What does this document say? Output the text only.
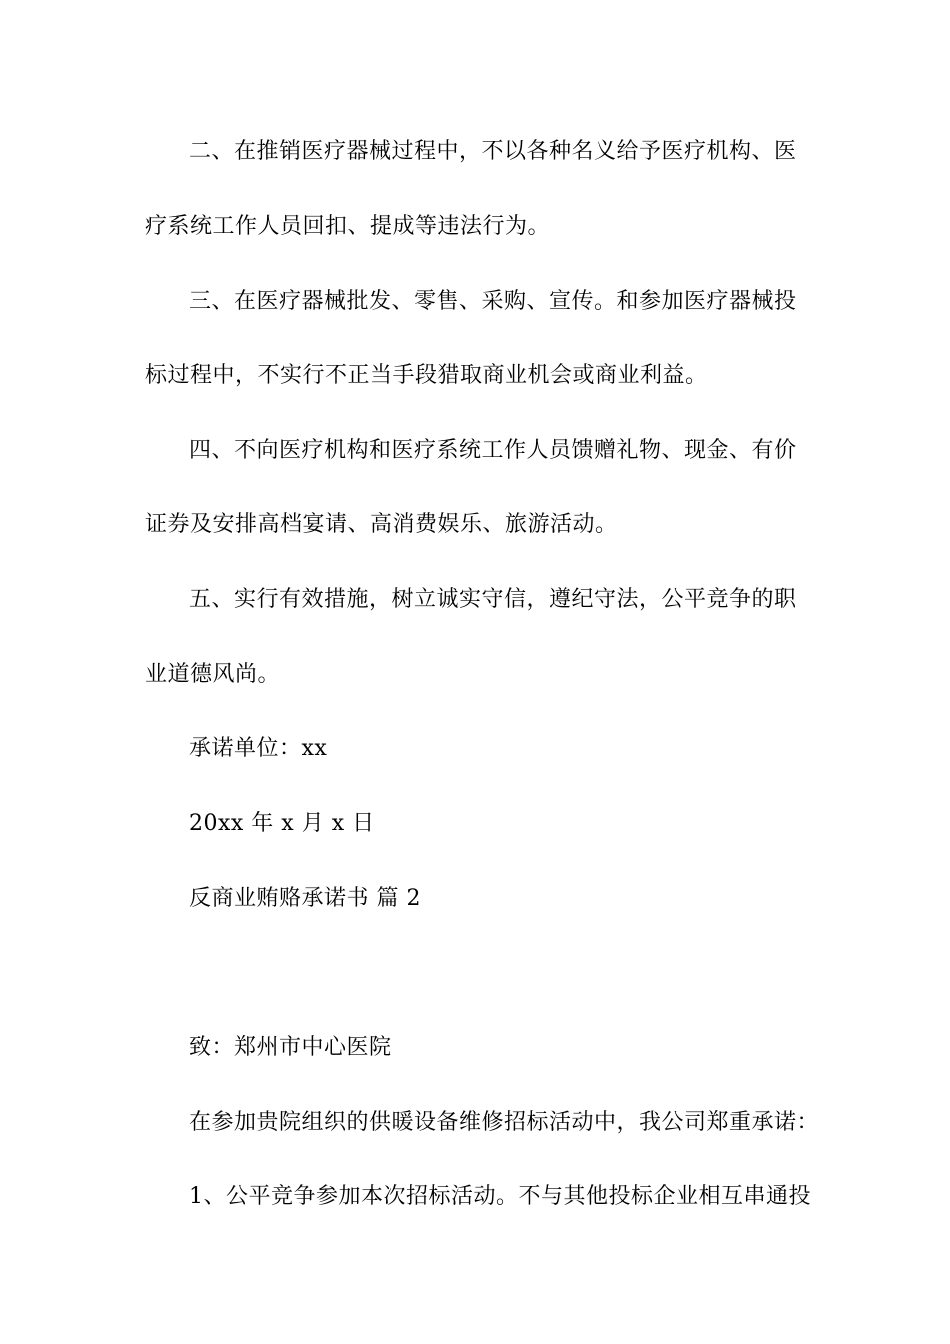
二、在推销医疗器械过程中，不以各种名义给予医疗机构、医
疗系统工作人员回扣、提成等违法行为。
三、在医疗器械批发、零售、采购、宣传。和参加医疗器械投
标过程中，不实行不正当手段猎取商业机会或商业利益。
四、不向医疗机构和医疗系统工作人员馈赠礼物、现金、有价
证券及安排高档宴请、高消费娱乐、旅游活动。
五、实行有效措施，树立诚实守信，遵纪守法，公平竞争的职
业道德风尚。
承诺单位：xx
20xx 年 x 月 x 日
反商业贿赂承诺书 篇 2
致：郑州市中心医院
在参加贵院组织的供暖设备维修招标活动中，我公司郑重承诺：
1、公平竞争参加本次招标活动。不与其他投标企业相互串通投
